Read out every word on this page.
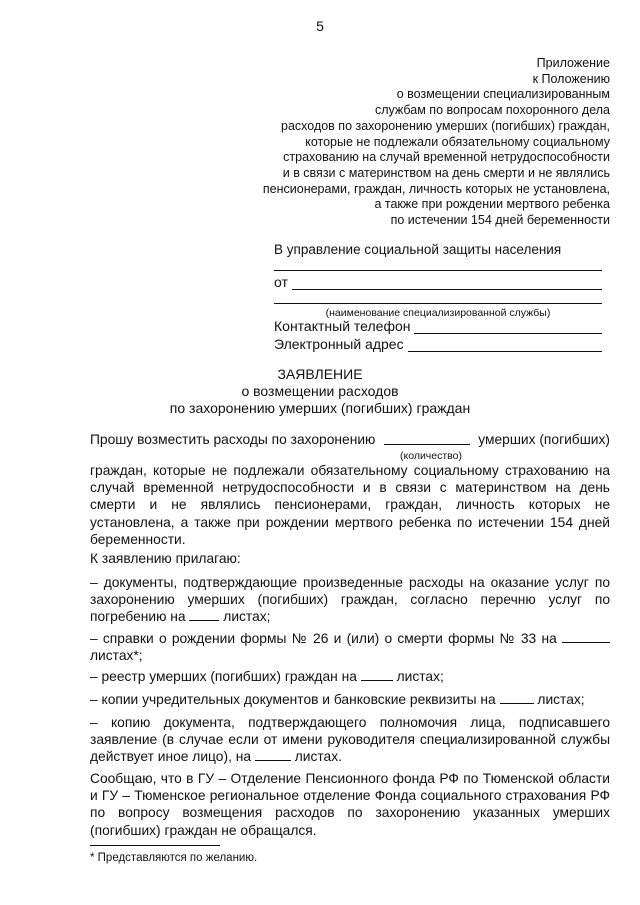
5
Приложение
к Положению
о возмещении специализированным
службам по вопросам похоронного дела
расходов по захоронению умерших (погибших) граждан,
которые не подлежали обязательному социальному
страхованию на случай временной нетрудоспособности
и в связи с материнством на день смерти и не являлись
пенсионерами, граждан, личность которых не установлена,
а также при рождении мертвого ребенка
по истечении 154 дней беременности
В управление социальной защиты населения
от
(наименование специализированной службы)
Контактный телефон
Электронный адрес
ЗАЯВЛЕНИЕ
о возмещении расходов
по захоронению умерших (погибших) граждан
Прошу возместить расходы по захоронению	умерших (погибших)
(количество)

граждан, которые не подлежали обязательному социальному страхованию на случай временной нетрудоспособности и в связи с материнством на день смерти и не являлись пенсионерами, граждан, личность которых не установлена, а также при рождении мертвого ребенка по истечении 154 дней беременности.

К заявлению прилагаю:

– документы, подтверждающие произведенные расходы на оказание услуг по захоронению умерших (погибших) граждан, согласно перечню услуг по погребению на	листах;

– справки о рождении формы № 26 и (или) о смерти формы № 33 на  листах*;

– реестр умерших (погибших) граждан на	листах;

– копии учредительных документов и банковские реквизиты на	листах;

– копию документа, подтверждающего полномочия лица, подписавшего заявление (в случае если от имени руководителя специализированной службы действует иное лицо), на	листах.

Сообщаю, что в ГУ – Отделение Пенсионного фонда РФ по Тюменской области и ГУ – Тюменское региональное отделение Фонда социального страхования РФ по вопросу возмещения расходов по захоронению указанных умерших (погибших) граждан не обращался.

* Представляются по желанию.
